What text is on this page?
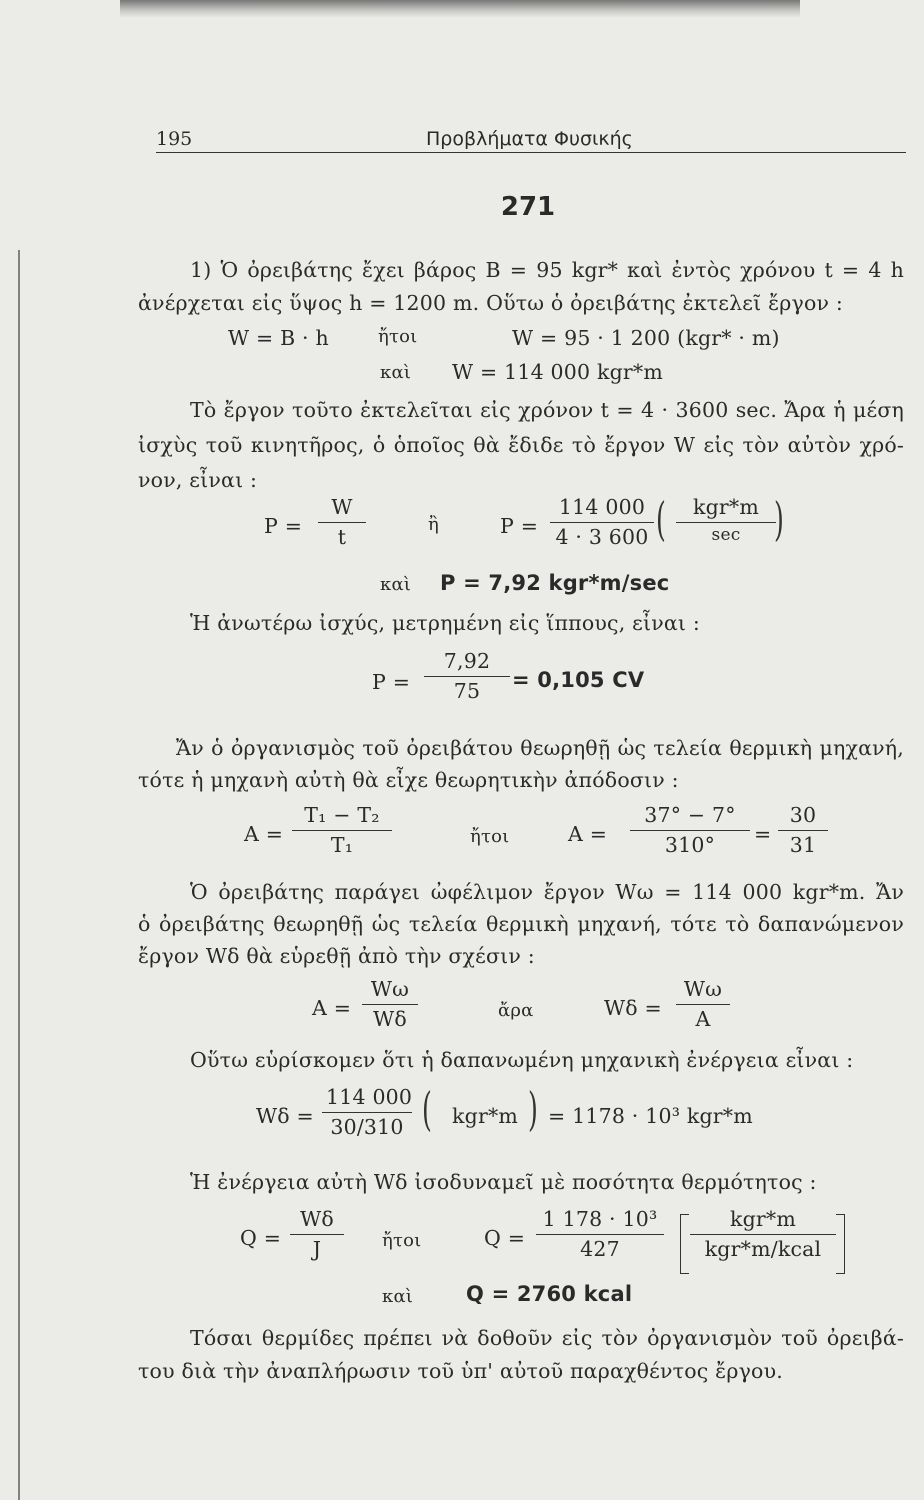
195	Προβλήματα Φυσικής
271
1) Ὁ ὀρειβάτης ἔχει βάρος B = 95 kgr* καὶ ἐντὸς χρόνου t = 4 h
ἀνέρχεται εἰς ὕψος h = 1200 m. Οὕτω ὁ ὀρειβάτης ἐκτελεῖ ἔργον :
W = B · h	ἤτοι	W = 95 · 1 200 (kgr* · m)
καὶ W = 114 000 kgr*m
Τὸ ἔργον τοῦτο ἐκτελεῖται εἰς χρόνον t = 4 · 3600 sec. Ἄρα ἡ μέση
ἰσχὺς τοῦ κινητῆρος, ὁ ὁποῖος θὰ ἔδιδε τὸ ἔργον W εἰς τὸν αὐτὸν χρό-
νον, εἶναι :
$P = \frac{W}{t}$	ἢ	$P = \frac{114 000}{4 \cdot 3 600}$ (	kgr*m
sec )
καὶ P = 7,92 kgr*m/sec
Ἡ ἀνωτέρω ἰσχύς, μετρημένη εἰς ἵππους, εἶναι :
$P = \frac{7,92}{75} = 0,105$ CV
Ἄν ὁ ὀργανισμὸς τοῦ ὀρειβάτου θεωρηθῇ ὡς τελεία θερμικὴ μηχανή,
τότε ἡ μηχανὴ αὐτὴ θὰ εἶχε θεωρητικὴν ἀπόδοσιν :
$A = \frac{\text{T₁ − T₂}}{\text{T₁}}$	ἤτοι	$A = \frac{37^\circ - 7^\circ}{310^\circ} = \frac{30}{31}$
Ὁ ὀρειβάτης παράγει ὠφέλιμον ἔργον Wω = 114 000 kgr*m. Ἄν
ὁ ὀρειβάτης θεωρηθῇ ὡς τελεία θερμικὴ μηχανή, τότε τὸ δαπανώμενον
ἔργον Wδ θὰ εὑρεθῇ ἀπὸ τὴν σχέσιν :
$A = \frac{W\omega}{W\delta}$	ἄρα	$W\delta = \frac{W\omega}{A}$
Οὕτω εὑρίσκομεν ὅτι ἡ δαπανωμένη μηχανικὴ ἐνέργεια εἶναι :
$W\delta = \frac{114 000}{30/310}$ ( kgr*m ) = 1178 · 10³ kgr*m
Ἡ ἐνέργεια αὐτὴ Wδ ἰσοδυναμεῖ μὲ ποσότητα θερμότητος :
$Q = \frac{W\delta}{J}$ ἤτοι	$Q = \frac{\text{1 178 · 10³}}{427}$	kgr*m
kgr*m/kcal
καὶ	Q = 2760 kcal
Τόσαι θερμίδες πρέπει νὰ δοθοῦν εἰς τὸν ὀργανισμὸν τοῦ ὀρειβά-
του διὰ τὴν ἀναπλήρωσιν τοῦ ὑπ' αὐτοῦ παραχθέντος ἔργου.
